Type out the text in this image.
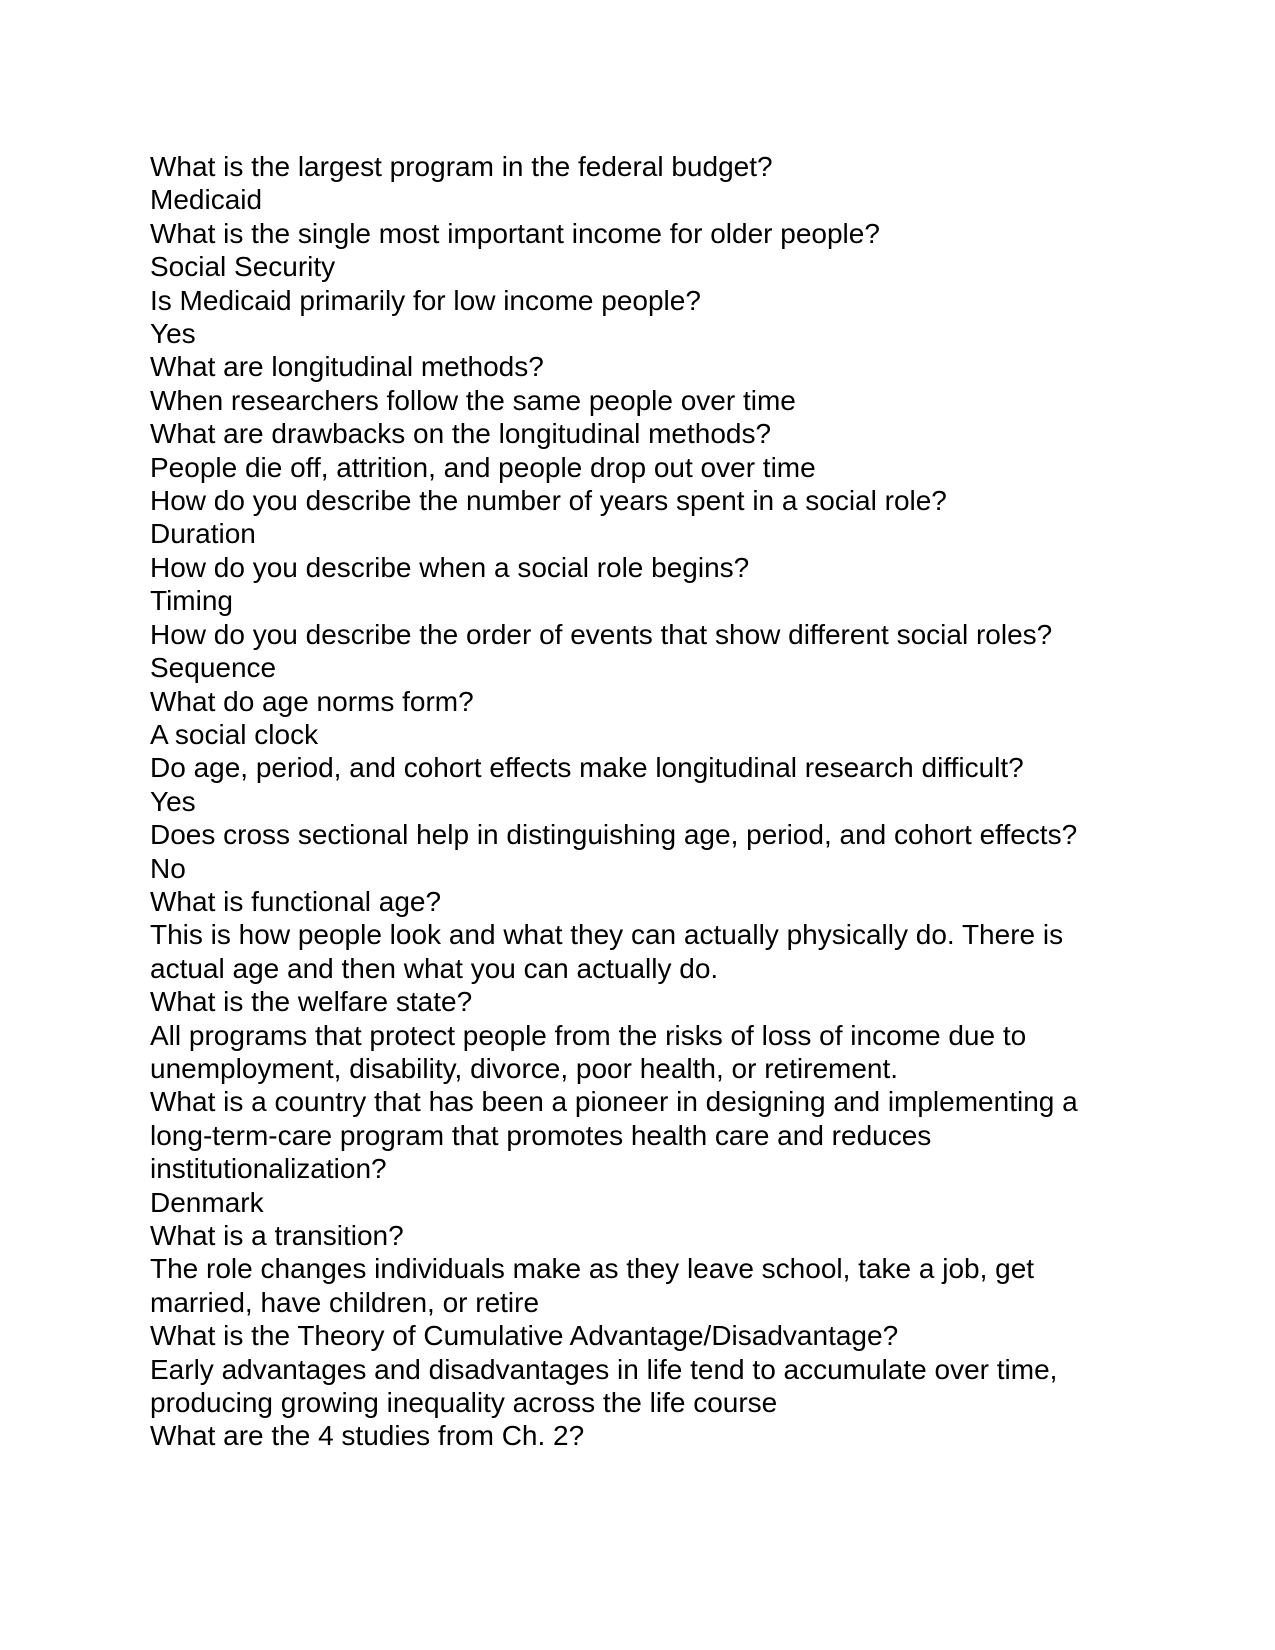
What is the largest program in the federal budget?
Medicaid
What is the single most important income for older people?
Social Security
Is Medicaid primarily for low income people?
Yes
What are longitudinal methods?
When researchers follow the same people over time
What are drawbacks on the longitudinal methods?
People die off, attrition, and people drop out over time
How do you describe the number of years spent in a social role?
Duration
How do you describe when a social role begins?
Timing
How do you describe the order of events that show different social roles?
Sequence
What do age norms form?
A social clock
Do age, period, and cohort effects make longitudinal research difficult?
Yes
Does cross sectional help in distinguishing age, period, and cohort effects?
No
What is functional age?
This is how people look and what they can actually physically do. There is
actual age and then what you can actually do.
What is the welfare state?
All programs that protect people from the risks of loss of income due to
unemployment, disability, divorce, poor health, or retirement.
What is a country that has been a pioneer in designing and implementing a
long-term-care program that promotes health care and reduces
institutionalization?
Denmark
What is a transition?
The role changes individuals make as they leave school, take a job, get
married, have children, or retire
What is the Theory of Cumulative Advantage/Disadvantage?
Early advantages and disadvantages in life tend to accumulate over time,
producing growing inequality across the life course
What are the 4 studies from Ch. 2?
